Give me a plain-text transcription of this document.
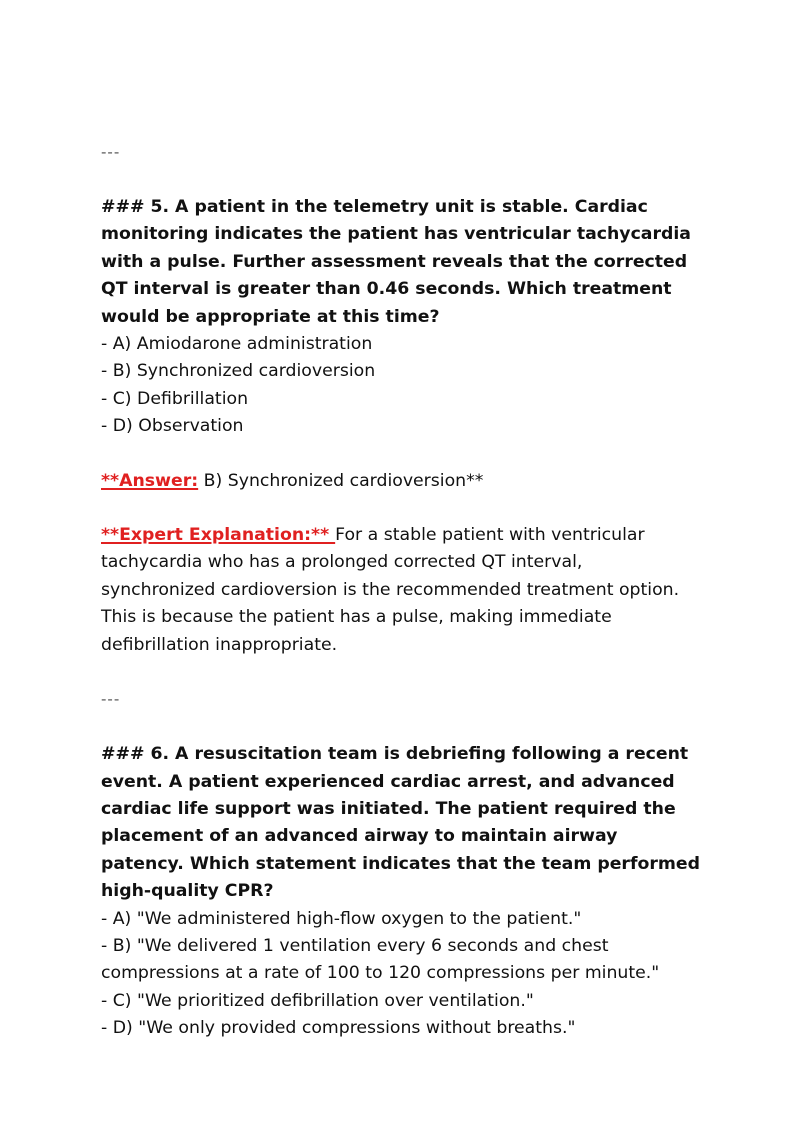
---

### 5. A patient in the telemetry unit is stable. Cardiac monitoring indicates the patient has ventricular tachycardia with a pulse. Further assessment reveals that the corrected QT interval is greater than 0.46 seconds. Which treatment would be appropriate at this time?

- A) Amiodarone administration

- B) Synchronized cardioversion

- C) Defibrillation

- D) Observation

**Answer: B) Synchronized cardioversion**

**Expert Explanation:** For a stable patient with ventricular tachycardia who has a prolonged corrected QT interval, synchronized cardioversion is the recommended treatment option. This is because the patient has a pulse, making immediate defibrillation inappropriate.

---

### 6. A resuscitation team is debriefing following a recent event. A patient experienced cardiac arrest, and advanced cardiac life support was initiated. The patient required the placement of an advanced airway to maintain airway patency. Which statement indicates that the team performed high-quality CPR?

- A) "We administered high-flow oxygen to the patient."

- B) "We delivered 1 ventilation every 6 seconds and chest compressions at a rate of 100 to 120 compressions per minute."

- C) "We prioritized defibrillation over ventilation."

- D) "We only provided compressions without breaths."
